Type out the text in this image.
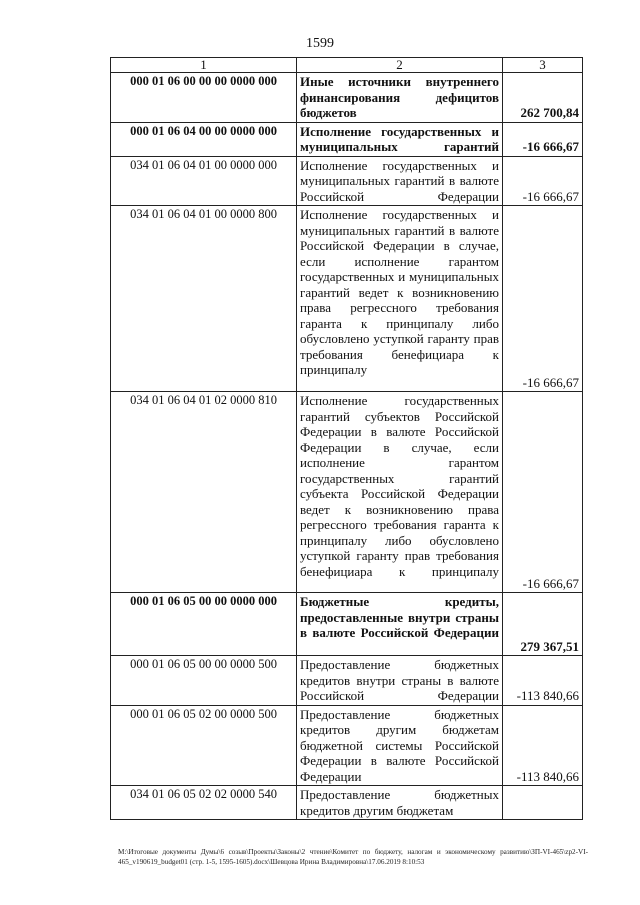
1599
1	2	3
000 01 06 00 00 00 0000 000	Иные источники внутреннего финансирования дефицитов бюджетов	262 700,84
000 01 06 04 00 00 0000 000	Исполнение государственных и муниципальных гарантий	-16 666,67
034 01 06 04 01 00 0000 000	Исполнение государственных и муниципальных гарантий в валюте Российской Федерации	-16 666,67
034 01 06 04 01 00 0000 800	Исполнение государственных и муниципальных гарантий в валюте Российской Федерации в случае, если исполнение гарантом государственных и муниципальных гарантий ведет к возникновению права регрессного требования гаранта к принципалу либо обусловлено уступкой гаранту прав требования бенефициара к принципалу	-16 666,67
034 01 06 04 01 02 0000 810	Исполнение государственных гарантий субъектов Российской Федерации в валюте Российской Федерации в случае, если исполнение гарантом государственных гарантий субъекта Российской Федерации ведет к возникновению права регрессного требования гаранта к принципалу либо обусловлено уступкой гаранту прав требования бенефициара к принципалу	-16 666,67
000 01 06 05 00 00 0000 000	Бюджетные кредиты, предоставленные внутри страны в валюте Российской Федерации	279 367,51
000 01 06 05 00 00 0000 500	Предоставление бюджетных кредитов внутри страны в валюте Российской Федерации	-113 840,66
000 01 06 05 02 00 0000 500	Предоставление бюджетных кредитов другим бюджетам бюджетной системы Российской Федерации в валюте Российской Федерации	-113 840,66
034 01 06 05 02 02 0000 540	Предоставление бюджетных кредитов другим бюджетам	
М:\Итоговые документы Думы\6 созыв\Проекты\Законы\2 чтение\Комитет по бюджету, налогам и экономическому развитию\ЗП-VI-465\zp2-VI-465_v190619_budget01 (стр. 1-5, 1595-1605).docx\Шевцова Ирина Владимировна\17.06.2019 8:10:53
